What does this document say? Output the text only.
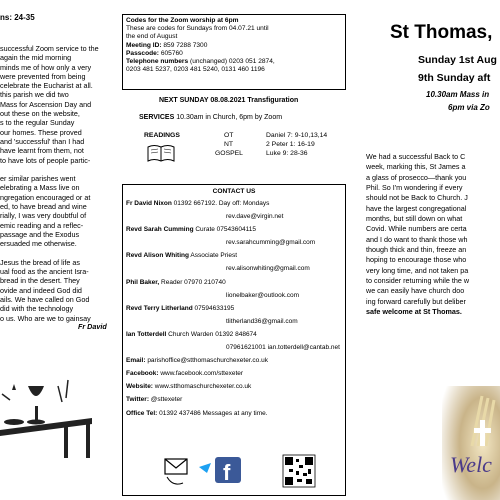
ns: 24-35
successful Zoom service to the
again the mid morning
minds me of how only a very
were prevented from being
celebrate the Eucharist at all.
this parish we did two
Mass for Ascension Day and
out these on the website,
s to the regular Sunday
our homes. These proved
and 'successful' than I had
have learnt from them, not
to have lots of people partic-
er similar parishes went
elebrating a Mass live on
ngregation encouraged or at
ed, to have bread and wine
rially, I was very doubtful of
emic reading and a reflec-
passage and the Exodus
ersuaded me otherwise.
Jesus the bread of life as
ual food as the ancient Isra-
bread in the desert. They
ovide and indeed God did
ails. We have called on God
did with the technology
o us. Who are we to gainsay
Fr David
Codes for the Zoom worship at 6pm
These are codes for Sundays from 04.07.21 until
the end of August
Meeting ID: 859 7288 7300
Passcode: 605760
Telephone numbers (unchanged) 0203 051 2874,
0203 481 5237, 0203 481 5240, 0131 460 1196
NEXT SUNDAY 08.08.2021 Transfiguration
SERVICES 10.30am in Church, 6pm by Zoom
READINGS	OT	Daniel 7: 9-10,13,14
NT	2 Peter 1: 16-19
GOSPEL	Luke 9: 28-36
CONTACT US
Fr David Nixon 01392 667192. Day off: Mondays
rev.dave@virgin.net
Revd Sarah Cumming Curate 07543604115
rev.sarahcumming@gmail.com
Revd Alison Whiting Associate Priest
rev.alisonwhiting@gmail.com
Phil Baker, Reader 07970 210740
lionelbaker@outlook.com
Revd Terry Litherland 07594633195
tlitherland36@gmail.com
Ian Totterdell Church Warden 01392 848674
07961621001 ian.totterdell@cantab.net
Email: parishoffice@stthomaschurchexeter.co.uk
Facebook: www.facebook.com/sttexeter
Website: www.stthomaschurchexeter.co.uk
Twitter: @sttexeter
Office Tel: 01392 437486 Messages at any time.
f
St Thomas,
Sunday 1st Aug
9th Sunday aft
10.30am Mass in
6pm via Zo
We had a successful Back to C
week, marking this, St James a
a glass of prosecco—thank you
Phil. So I'm wondering if every
should not be Back to Church. J
have the largest congregational
months, but still down on what
Covid. While numbers are certa
and I do want to thank those wh
though thick and thin, freeze an
hoping to encourage those who
very long time, and not taken pa
to consider returning while the w
we can easily have church doo
ing forward carefully but deliber
safe welcome at St Thomas.
Welc
